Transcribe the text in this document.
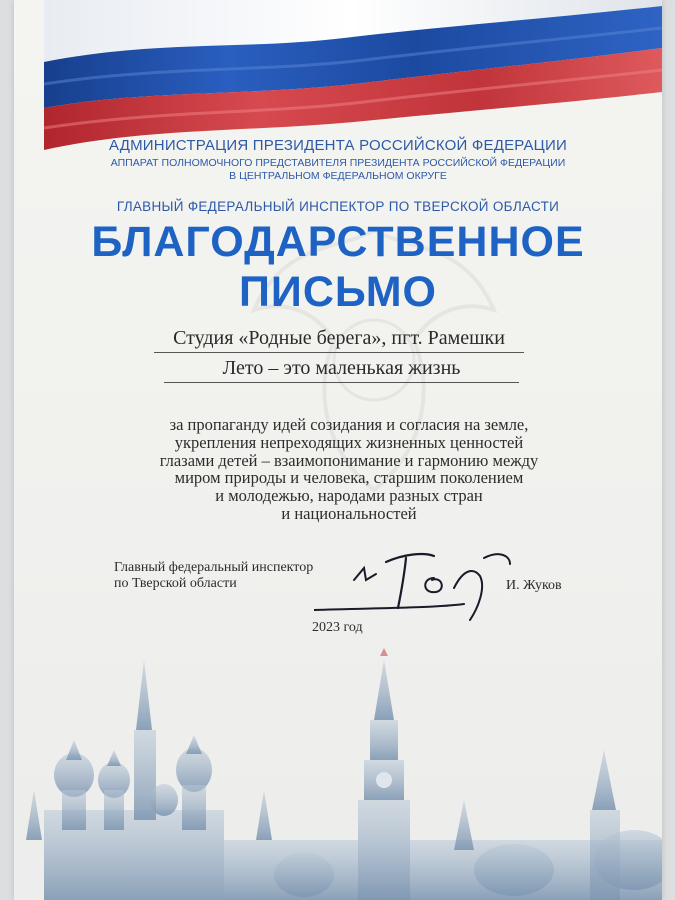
АДМИНИСТРАЦИЯ ПРЕЗИДЕНТА РОССИЙСКОЙ ФЕДЕРАЦИИ
АППАРАТ ПОЛНОМОЧНОГО ПРЕДСТАВИТЕЛЯ ПРЕЗИДЕНТА РОССИЙСКОЙ ФЕДЕРАЦИИ
В ЦЕНТРАЛЬНОМ ФЕДЕРАЛЬНОМ ОКРУГЕ
ГЛАВНЫЙ ФЕДЕРАЛЬНЫЙ ИНСПЕКТОР ПО ТВЕРСКОЙ ОБЛАСТИ
БЛАГОДАРСТВЕННОЕ
ПИСЬМО
Студия «Родные берега», пгт. Рамешки
Лето – это маленькая жизнь
за пропаганду идей созидания и согласия на земле,
укрепления непреходящих жизненных ценностей
глазами детей – взаимопонимание и гармонию между
миром природы и человека, старшим поколением
и молодежью, народами разных стран
и национальностей
Главный федеральный инспектор
по Тверской области	И. Жуков
2023 год
